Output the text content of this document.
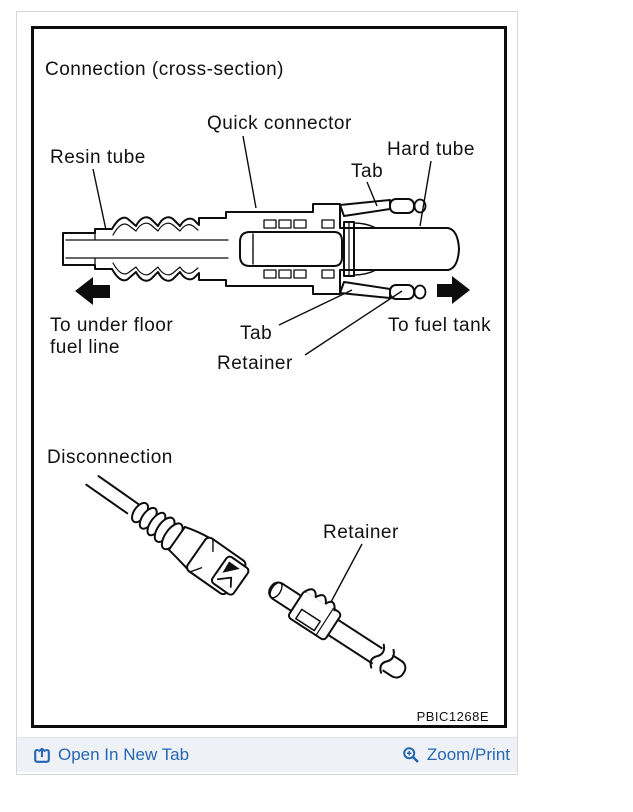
Connection (cross-section)
Quick connector
Resin tube
Tab
Hard tube
To under floor
fuel line
Tab
Retainer
To fuel tank
Disconnection
Retainer
PBIC1268E
Open In New Tab	Zoom/Print
